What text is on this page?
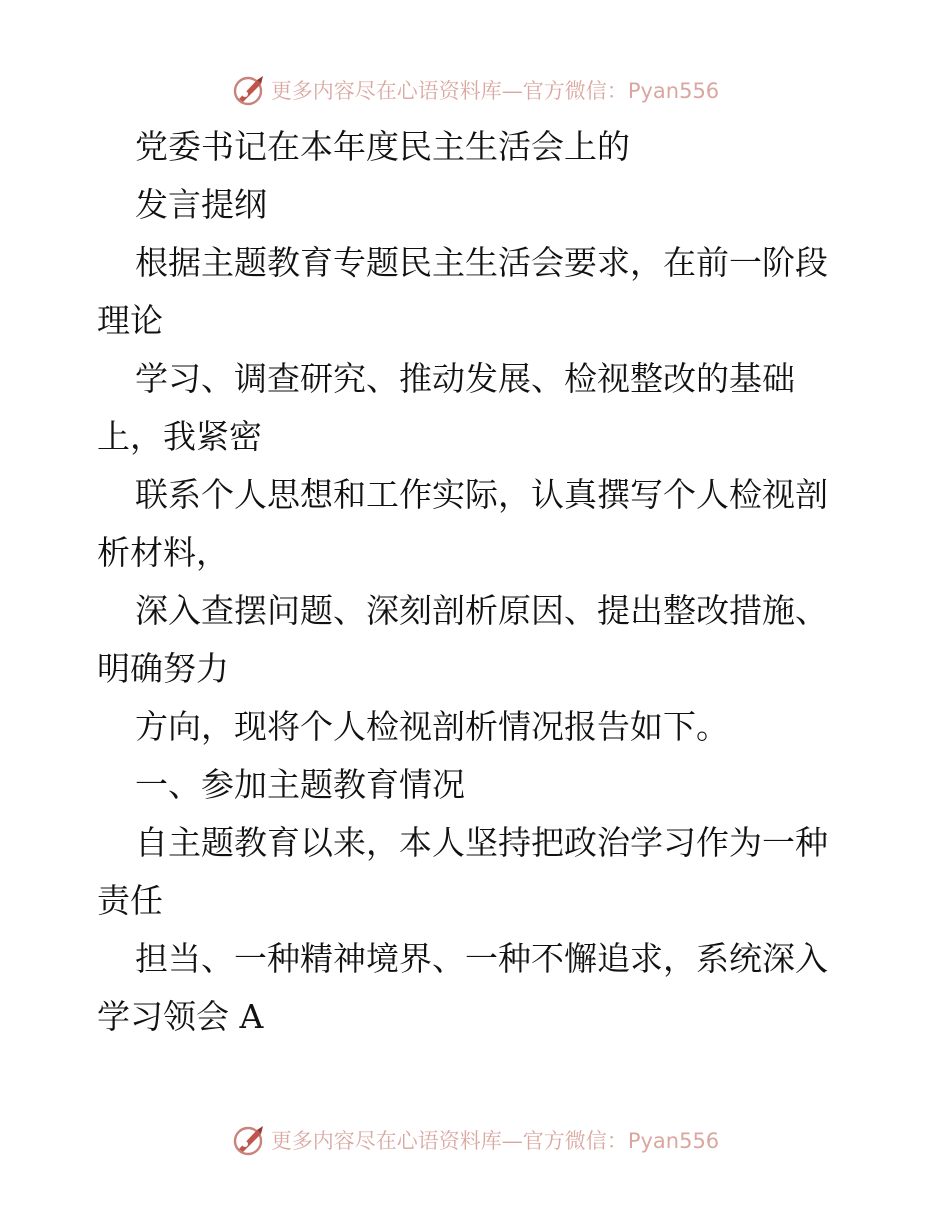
更多内容尽在心语资料库—官方微信：Pyan556
党委书记在本年度民主生活会上的
发言提纲
根据主题教育专题民主生活会要求，在前一阶段
理论
学习、调查研究、推动发展、检视整改的基础
上，我紧密
联系个人思想和工作实际，认真撰写个人检视剖
析材料，
深入查摆问题、深刻剖析原因、提出整改措施、
明确努力
方向，现将个人检视剖析情况报告如下。
一、参加主题教育情况
自主题教育以来，本人坚持把政治学习作为一种
责任
担当、一种精神境界、一种不懈追求，系统深入
学习领会 A
更多内容尽在心语资料库—官方微信：Pyan556
